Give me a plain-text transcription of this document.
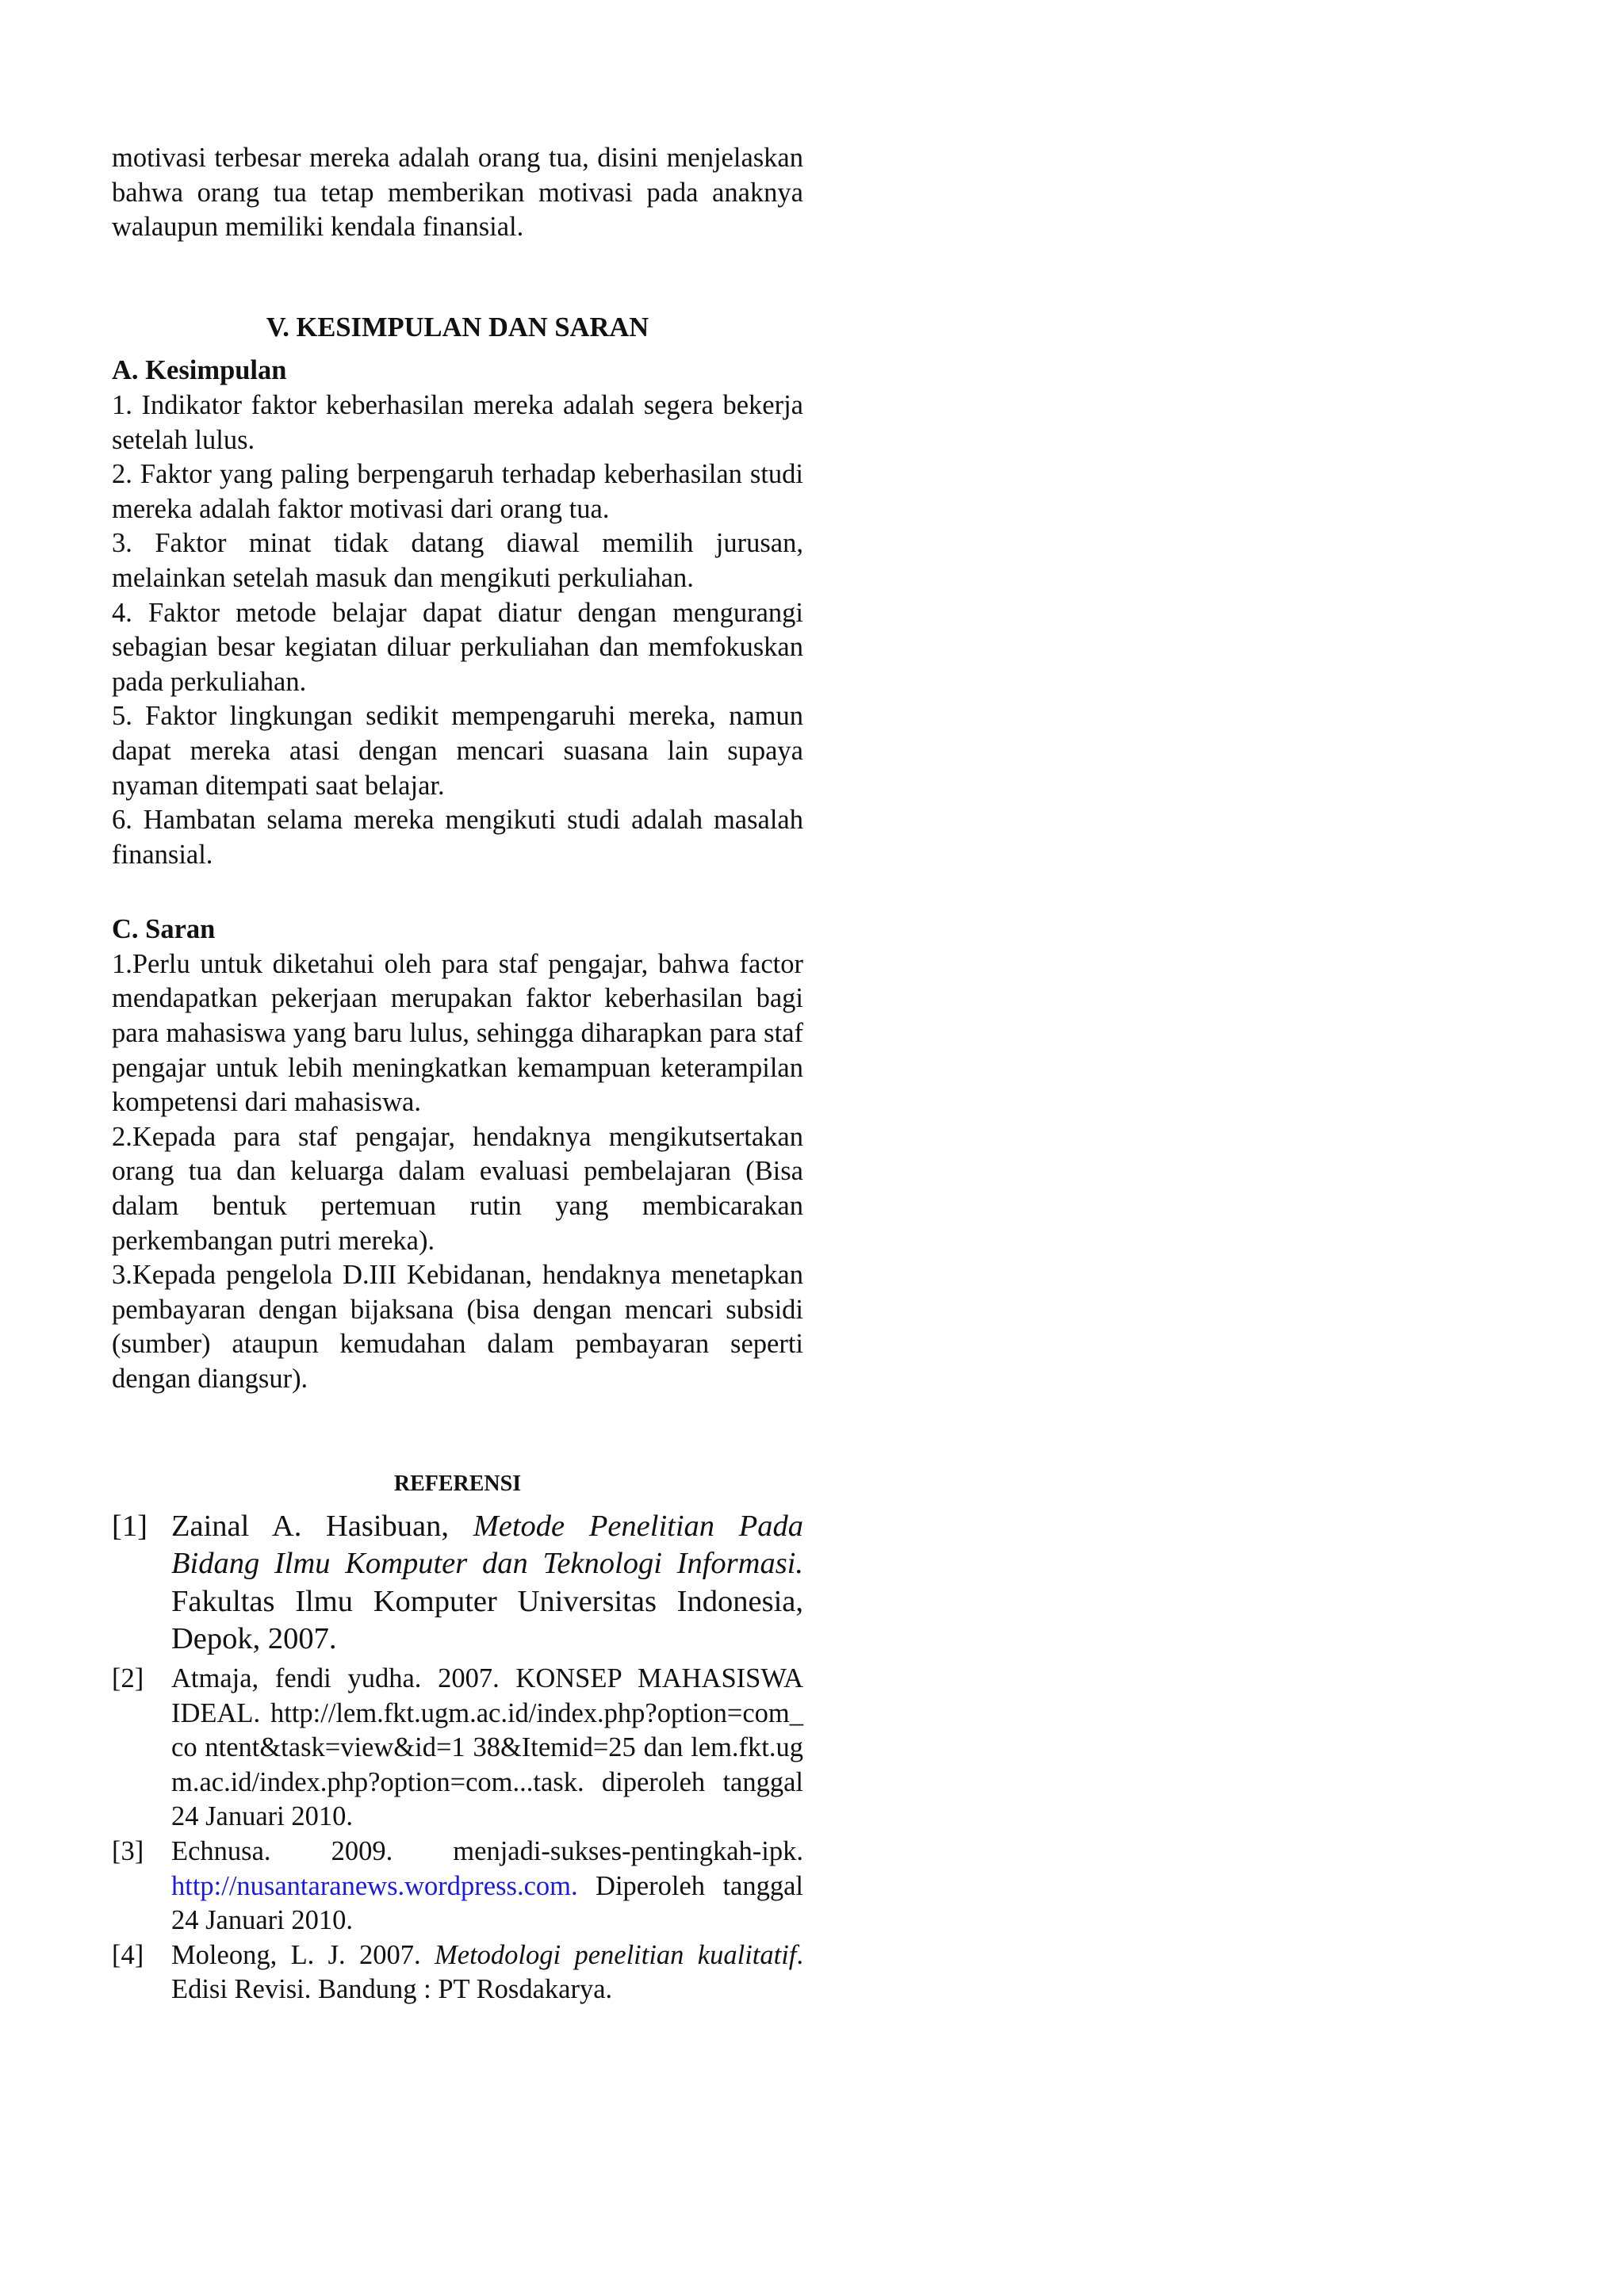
motivasi terbesar mereka adalah orang tua, disini menjelaskan bahwa orang tua tetap memberikan motivasi pada anaknya walaupun memiliki kendala finansial.

V. KESIMPULAN DAN SARAN
A. Kesimpulan

1. Indikator faktor keberhasilan mereka adalah segera bekerja setelah lulus.

2. Faktor yang paling berpengaruh terhadap keberhasilan studi mereka adalah faktor motivasi dari orang tua.

3. Faktor minat tidak datang diawal memilih jurusan, melainkan setelah masuk dan mengikuti perkuliahan.

4. Faktor metode belajar dapat diatur dengan mengurangi sebagian besar kegiatan diluar perkuliahan dan memfokuskan pada perkuliahan.

5. Faktor lingkungan sedikit mempengaruhi mereka, namun dapat mereka atasi dengan mencari suasana lain supaya nyaman ditempati saat belajar.

6. Hambatan selama mereka mengikuti studi adalah masalah finansial.

C. Saran

1.Perlu untuk diketahui oleh para staf pengajar, bahwa factor mendapatkan pekerjaan merupakan faktor keberhasilan bagi para mahasiswa yang baru lulus, sehingga diharapkan para staf pengajar untuk lebih meningkatkan kemampuan keterampilan kompetensi dari mahasiswa.

2.Kepada para staf pengajar, hendaknya mengikutsertakan orang tua dan keluarga dalam evaluasi pembelajaran (Bisa dalam bentuk pertemuan rutin yang membicarakan perkembangan putri mereka).

3.Kepada pengelola D.III Kebidanan, hendaknya menetapkan pembayaran dengan bijaksana (bisa dengan mencari subsidi (sumber) ataupun kemudahan dalam pembayaran seperti dengan diangsur).

REFERENSI
[1] Zainal A. Hasibuan, Metode Penelitian Pada Bidang Ilmu Komputer dan Teknologi Informasi. Fakultas Ilmu Komputer Universitas Indonesia, Depok, 2007.
[2]	Atmaja, fendi yudha. 2007. KONSEP MAHASISWA IDEAL. http://lem.fkt.ugm.ac.id/index.php?option=com_co ntent&task=view&id=1 38&Itemid=25 dan lem.fkt.ugm.ac.id/index.php?option=com...task. diperoleh tanggal 24 Januari 2010.
[3]	Echnusa. 2009. menjadi-sukses-pentingkah-ipk. http://nusantaranews.wordpress.com. Diperoleh tanggal 24 Januari 2010.
[4]	Moleong, L. J. 2007. Metodologi penelitian kualitatif. Edisi Revisi. Bandung : PT Rosdakarya.
